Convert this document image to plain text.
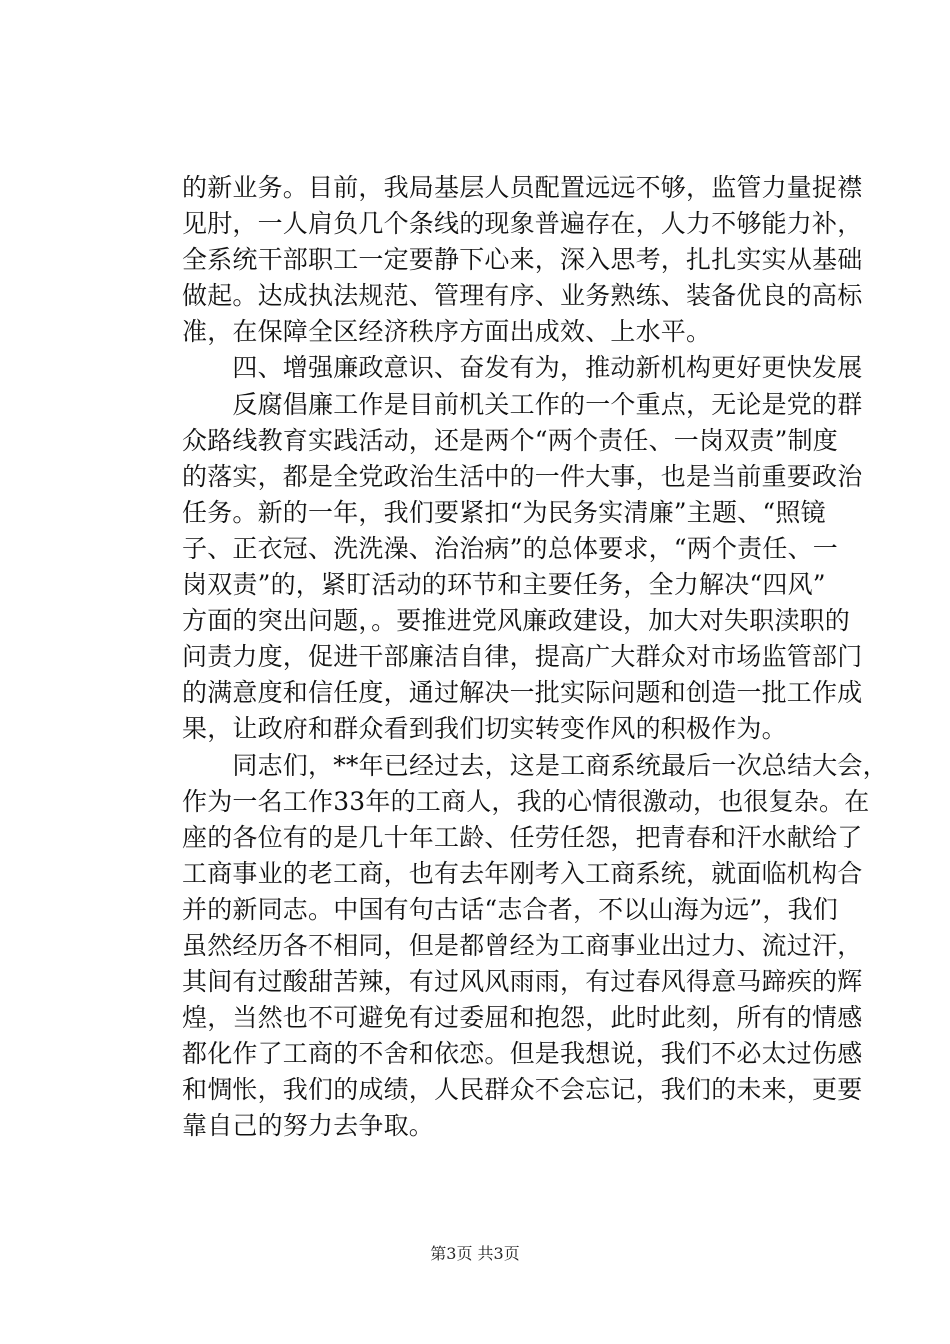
的新业务。目前，我局基层人员配置远远不够，监管力量捉襟
见肘，一人肩负几个条线的现象普遍存在，人力不够能力补，
全系统干部职工一定要静下心来，深入思考，扎扎实实从基础
做起。达成执法规范、管理有序、业务熟练、装备优良的高标
准，在保障全区经济秩序方面出成效、上水平。
　　四、增强廉政意识、奋发有为，推动新机构更好更快发展
　　反腐倡廉工作是目前机关工作的一个重点，无论是党的群
众路线教育实践活动，还是两个“两个责任、一岗双责”制度
的落实，都是全党政治生活中的一件大事，也是当前重要政治
任务。新的一年，我们要紧扣“为民务实清廉”主题、“照镜
子、正衣冠、洗洗澡、治治病”的总体要求，“两个责任、一
岗双责”的，紧盯活动的环节和主要任务，全力解决“四风”
方面的突出问题，。要推进党风廉政建设，加大对失职渎职的
问责力度，促进干部廉洁自律，提高广大群众对市场监管部门
的满意度和信任度，通过解决一批实际问题和创造一批工作成
果，让政府和群众看到我们切实转变作风的积极作为。
　　同志们，**年已经过去，这是工商系统最后一次总结大会，
作为一名工作33年的工商人，我的心情很激动，也很复杂。在
座的各位有的是几十年工龄、任劳任怨，把青春和汗水献给了
工商事业的老工商，也有去年刚考入工商系统，就面临机构合
并的新同志。中国有句古话“志合者，不以山海为远”，我们
虽然经历各不相同，但是都曾经为工商事业出过力、流过汗，
其间有过酸甜苦辣，有过风风雨雨，有过春风得意马蹄疾的辉
煌，当然也不可避免有过委屈和抱怨，此时此刻，所有的情感
都化作了工商的不舍和依恋。但是我想说，我们不必太过伤感
和惆怅，我们的成绩，人民群众不会忘记，我们的未来，更要
靠自己的努力去争取。
第3页 共3页
